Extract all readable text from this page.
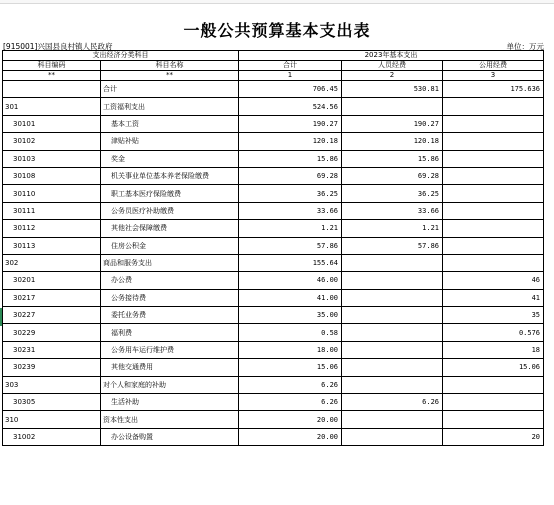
一般公共预算基本支出表
[915001]兴国县良村镇人民政府	单位：万元
支出经济分类科目		2023年基本支出		
科目编码	科目名称	合计	人员经费	公用经费
**	**	1	2	3
	合计	706.45	530.81	175.636
301	工资福利支出	524.56		
30101	基本工资	190.27	190.27	
30102	津贴补贴	120.18	120.18	
30103	奖金	15.86	15.86	
30108	机关事业单位基本养老保险缴费	69.28	69.28	
30110	职工基本医疗保险缴费	36.25	36.25	
30111	公务员医疗补助缴费	33.66	33.66	
30112	其他社会保障缴费	1.21	1.21	
30113	住房公积金	57.86	57.86	
302	商品和服务支出	155.64		
30201	办公费	46.00		46
30217	公务接待费	41.00		41
30227	委托业务费	35.00		35
30229	福利费	0.58		0.576
30231	公务用车运行维护费	18.00		18
30239	其他交通费用	15.06		15.06
303	对个人和家庭的补助	6.26		
30305	生活补助	6.26	6.26	
310	资本性支出	20.00		
31002	办公设备购置	20.00		20
